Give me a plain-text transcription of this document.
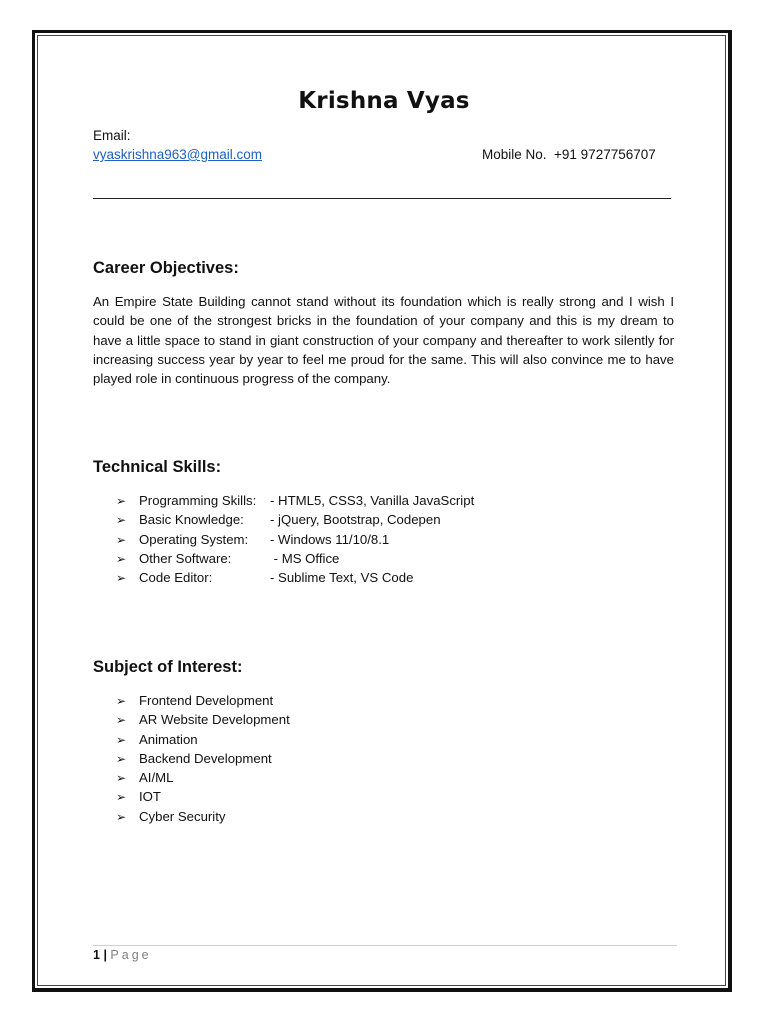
Krishna Vyas
Email:
vyaskrishna963@gmail.com	Mobile No.  +91 9727756707
Career Objectives:
An Empire State Building cannot stand without its foundation which is really strong and I wish I could be one of the strongest bricks in the foundation of your company and this is my dream to have a little space to stand in giant construction of your company and thereafter to work silently for increasing success year by year to feel me proud for the same. This will also convince me to have played role in continuous progress of the company.
Technical Skills:
➢ Programming Skills: - HTML5, CSS3, Vanilla JavaScript
➢ Basic Knowledge: - jQuery, Bootstrap, Codepen
➢ Operating System: - Windows 11/10/8.1
➢ Other Software:	- MS Office
➢ Code Editor:	- Sublime Text, VS Code
Subject of Interest:
➢ Frontend Development
➢ AR Website Development
➢ Animation
➢ Backend Development
➢ AI/ML
➢ IOT
➢ Cyber Security
1 | Page
